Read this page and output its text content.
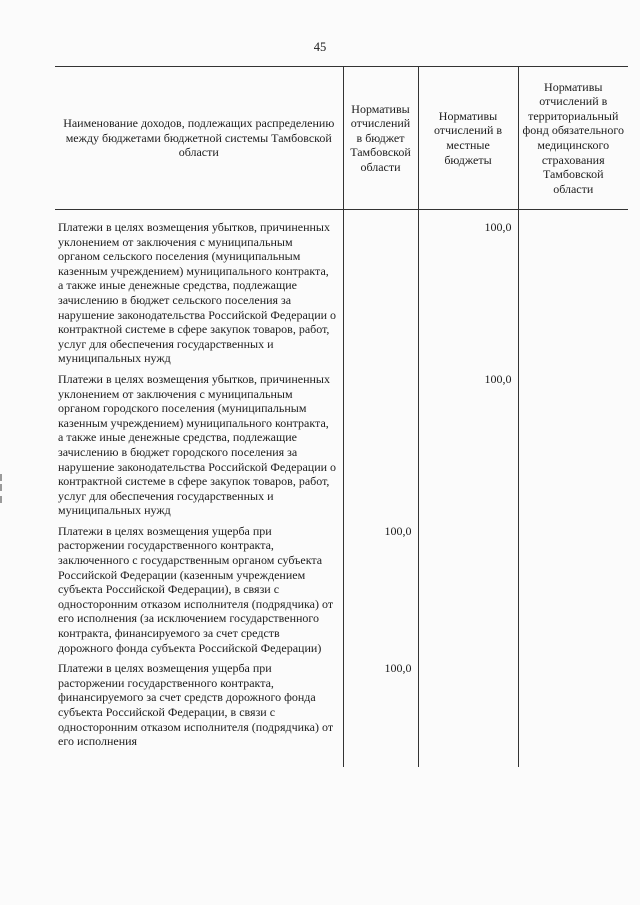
45
Наименование доходов, подлежащих распределению между бюджетами бюджетной системы Тамбовской области	Нормативы отчислений в бюджет Тамбовской области	Нормативы отчислений в местные бюджеты	Нормативы отчислений в территориальный фонд обязательного медицинского страхования Тамбовской области
Платежи в целях возмещения убытков, причиненных уклонением от заключения с муниципальным органом сельского поселения (муниципальным казенным учреждением) муниципального контракта, а также иные денежные средства, подлежащие зачислению в бюджет сельского поселения за нарушение законодательства Российской Федерации о контрактной системе в сфере закупок товаров, работ, услуг для обеспечения государственных и муниципальных нужд		100,0	
Платежи в целях возмещения убытков, причиненных уклонением от заключения с муниципальным органом городского поселения (муниципальным казенным учреждением) муниципального контракта, а также иные денежные средства, подлежащие зачислению в бюджет городского поселения за нарушение законодательства Российской Федерации о контрактной системе в сфере закупок товаров, работ, услуг для обеспечения государственных и муниципальных нужд		100,0	
Платежи в целях возмещения ущерба при расторжении государственного контракта, заключенного с государственным органом субъекта Российской Федерации (казенным учреждением субъекта Российской Федерации), в связи с односторонним отказом исполнителя (подрядчика) от его исполнения (за исключением государственного контракта, финансируемого за счет средств дорожного фонда субъекта Российской Федерации)	100,0		
Платежи в целях возмещения ущерба при расторжении государственного контракта, финансируемого за счет средств дорожного фонда субъекта Российской Федерации, в связи с односторонним отказом исполнителя (подрядчика) от его исполнения	100,0		
